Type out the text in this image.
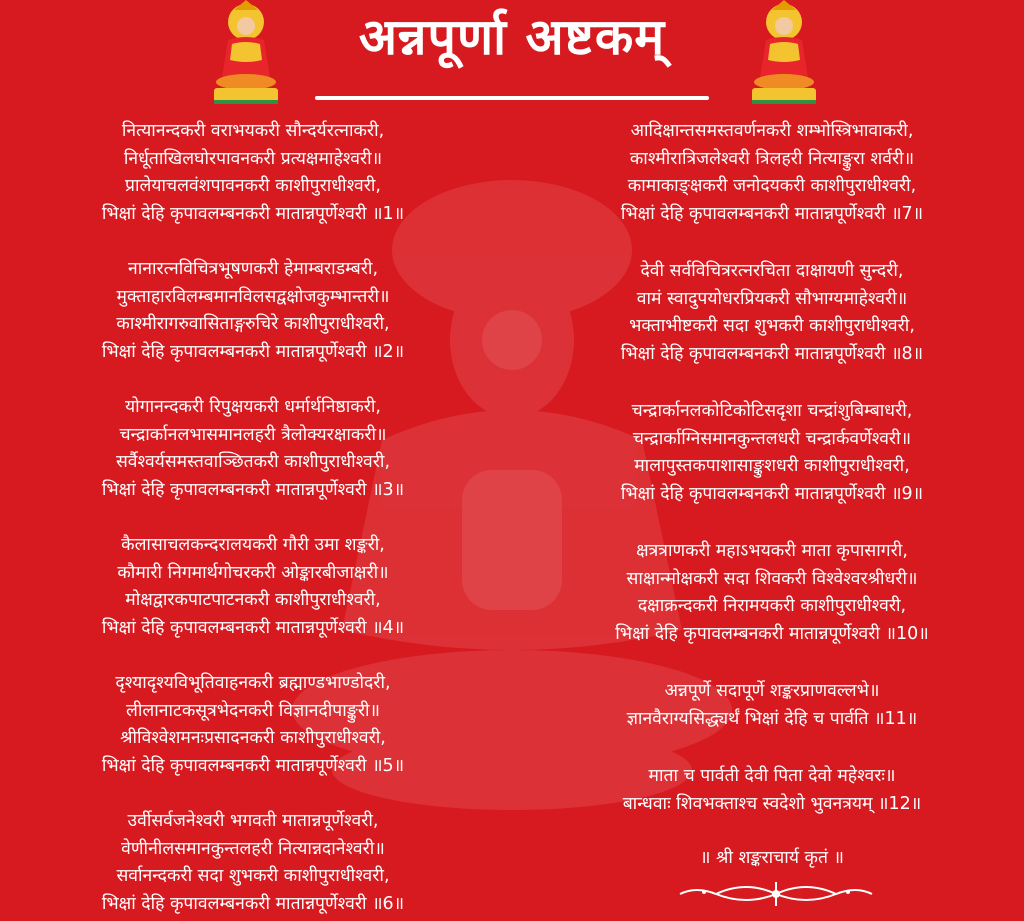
अन्नपूर्णा अष्टकम्
नित्यानन्दकरी वराभयकरी सौन्दर्यरत्नाकरी,
निर्धूताखिलघोरपावनकरी प्रत्यक्षमाहेश्वरी॥
प्रालेयाचलवंशपावनकरी काशीपुराधीश्वरी,
भिक्षां देहि कृपावलम्बनकरी मातान्नपूर्णेश्वरी ॥1॥
नानारत्नविचित्रभूषणकरी हेमाम्बराडम्बरी,
मुक्ताहारविलम्बमानविलसद्वक्षोजकुम्भान्तरी॥
काश्मीरागरुवासिताङ्गरुचिरे काशीपुराधीश्वरी,
भिक्षां देहि कृपावलम्बनकरी मातान्नपूर्णेश्वरी ॥2॥
योगानन्दकरी रिपुक्षयकरी धर्मार्थनिष्ठाकरी,
चन्द्रार्कानलभासमानलहरी त्रैलोक्यरक्षाकरी॥
सर्वैश्वर्यसमस्तवाञ्छितकरी काशीपुराधीश्वरी,
भिक्षां देहि कृपावलम्बनकरी मातान्नपूर्णेश्वरी ॥3॥
कैलासाचलकन्दरालयकरी गौरी उमा शङ्करी,
कौमारी निगमार्थगोचरकरी ओङ्कारबीजाक्षरी॥
मोक्षद्वारकपाटपाटनकरी काशीपुराधीश्वरी,
भिक्षां देहि कृपावलम्बनकरी मातान्नपूर्णेश्वरी ॥4॥
दृश्यादृश्यविभूतिवाहनकरी ब्रह्माण्डभाण्डोदरी,
लीलानाटकसूत्रभेदनकरी विज्ञानदीपाङ्कुरी॥
श्रीविश्वेशमनःप्रसादनकरी काशीपुराधीश्वरी,
भिक्षां देहि कृपावलम्बनकरी मातान्नपूर्णेश्वरी ॥5॥
उर्वीसर्वजनेश्वरी भगवती मातान्नपूर्णेश्वरी,
वेणीनीलसमानकुन्तलहरी नित्यान्नदानेश्वरी॥
सर्वानन्दकरी सदा शुभकरी काशीपुराधीश्वरी,
भिक्षां देहि कृपावलम्बनकरी मातान्नपूर्णेश्वरी ॥6॥
आदिक्षान्तसमस्तवर्णनकरी शम्भोस्त्रिभावाकरी,
काश्मीरात्रिजलेश्वरी त्रिलहरी नित्याङ्कुरा शर्वरी॥
कामाकाङ्क्षकरी जनोदयकरी काशीपुराधीश्वरी,
भिक्षां देहि कृपावलम्बनकरी मातान्नपूर्णेश्वरी ॥7॥
देवी सर्वविचित्ररत्नरचिता दाक्षायणी सुन्दरी,
वामं स्वादुपयोधरप्रियकरी सौभाग्यमाहेश्वरी॥
भक्ताभीष्टकरी सदा शुभकरी काशीपुराधीश्वरी,
भिक्षां देहि कृपावलम्बनकरी मातान्नपूर्णेश्वरी ॥8॥
चन्द्रार्कानलकोटिकोटिसदृशा चन्द्रांशुबिम्बाधरी,
चन्द्रार्काग्निसमानकुन्तलधरी चन्द्रार्कवर्णेश्वरी॥
मालापुस्तकपाशासाङ्कुशधरी काशीपुराधीश्वरी,
भिक्षां देहि कृपावलम्बनकरी मातान्नपूर्णेश्वरी ॥9॥
क्षत्रत्राणकरी महाऽभयकरी माता कृपासागरी,
साक्षान्मोक्षकरी सदा शिवकरी विश्वेश्वरश्रीधरी॥
दक्षाक्रन्दकरी निरामयकरी काशीपुराधीश्वरी,
भिक्षां देहि कृपावलम्बनकरी मातान्नपूर्णेश्वरी ॥10॥
अन्नपूर्णे सदापूर्णे शङ्करप्राणवल्लभे॥
ज्ञानवैराग्यसिद्ध्यर्थं भिक्षां देहि च पार्वति ॥11॥
माता च पार्वती देवी पिता देवो महेश्वरः॥
बान्धवाः शिवभक्ताश्च स्वदेशो भुवनत्रयम् ॥12॥
॥ श्री शङ्कराचार्य कृतं ॥
